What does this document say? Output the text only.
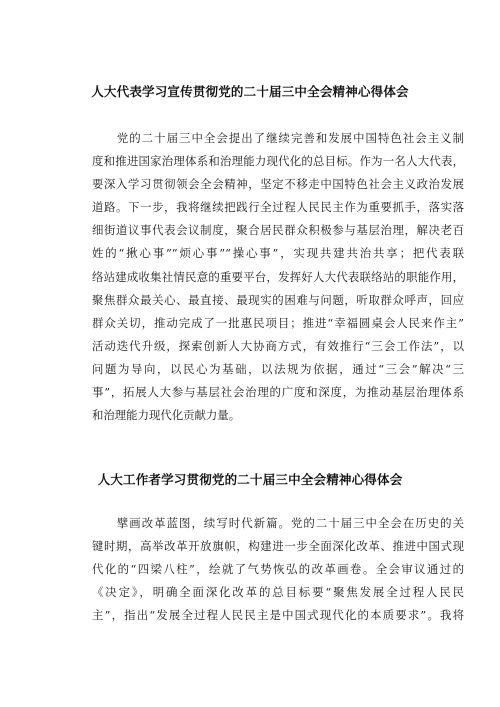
人大代表学习宣传贯彻党的二十届三中全会精神心得体会
　　党的二十届三中全会提出了继续完善和发展中国特色社会主义制
度和推进国家治理体系和治理能力现代化的总目标。作为一名人大代表，
要深入学习贯彻领会全会精神，坚定不移走中国特色社会主义政治发展
道路。下一步，我将继续把践行全过程人民民主作为重要抓手，落实落
细街道议事代表会议制度，聚合居民群众积极参与基层治理，解决老百
姓的“揪心事”“烦心事”“操心事”，实现共建共治共享；把代表联
络站建成收集社情民意的重要平台，发挥好人大代表联络站的职能作用，
聚焦群众最关心、最直接、最现实的困难与问题，听取群众呼声，回应
群众关切，推动完成了一批惠民项目；推进“幸福圆桌会人民来作主”
活动迭代升级，探索创新人大协商方式，有效推行“三会工作法”，以
问题为导向，以民心为基础，以法规为依据，通过“三会”解决“三
事”，拓展人大参与基层社会治理的广度和深度，为推动基层治理体系
和治理能力现代化贡献力量。
人大工作者学习贯彻党的二十届三中全会精神心得体会
　　擘画改革蓝图，续写时代新篇。党的二十届三中全会在历史的关
键时期，高举改革开放旗帜，构建进一步全面深化改革、推进中国式现
代化的“四梁八柱”，绘就了气势恢弘的改革画卷。全会审议通过的
《决定》，明确全面深化改革的总目标要“聚焦发展全过程人民民
主”，指出“发展全过程人民民主是中国式现代化的本质要求”。我将
